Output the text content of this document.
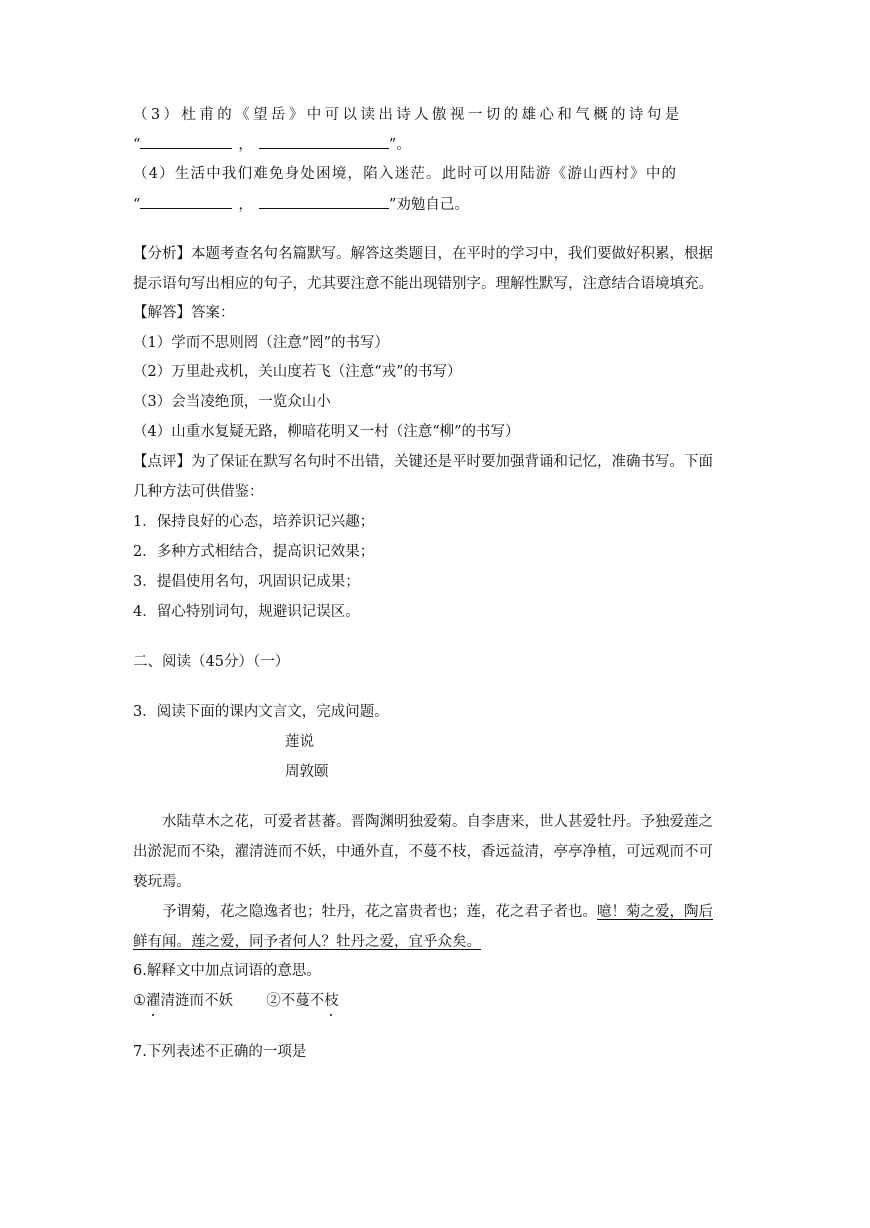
（3）杜甫的《望岳》中可以读出诗人傲视一切的雄心和气概的诗句是
“	，	”。
（4）生活中我们难免身处困境，陷入迷茫。此时可以用陆游《游山西村》中的
“	，	”劝勉自己。
【分析】本题考查名句名篇默写。解答这类题目，在平时的学习中，我们要做好积累，根据
提示语句写出相应的句子，尤其要注意不能出现错别字。理解性默写，注意结合语境填充。
【解答】答案：
（1）学而不思则罔（注意“罔”的书写）
（2）万里赴戎机，关山度若飞（注意“戎”的书写）
（3）会当凌绝顶，一览众山小
（4）山重水复疑无路，柳暗花明又一村（注意“柳”的书写）
【点评】为了保证在默写名句时不出错，关键还是平时要加强背诵和记忆，准确书写。下面
几种方法可供借鉴：
1．保持良好的心态，培养识记兴趣；
2．多种方式相结合，提高识记效果；
3．提倡使用名句，巩固识记成果；
4．留心特别词句，规避识记误区。
二、阅读（45分）（一）
3．阅读下面的课内文言文，完成问题。
莲说
周敦颐
水陆草木之花，可爱者甚蕃。晋陶渊明独爱菊。自李唐来，世人甚爱牡丹。予独爱莲之
出淤泥而不染，濯清涟而不妖，中通外直，不蔓不枝，香远益清，亭亭净植，可远观而不可
亵玩焉。
予谓菊，花之隐逸者也；牡丹，花之富贵者也；莲，花之君子者也。噫！菊之爱，陶后
鲜有闻。莲之爱，同予者何人？牡丹之爱，宜乎众矣。
6.解释文中加点词语的意思。
①濯清涟而不妖 ②不蔓不枝
7.下列表述不正确的一项是
